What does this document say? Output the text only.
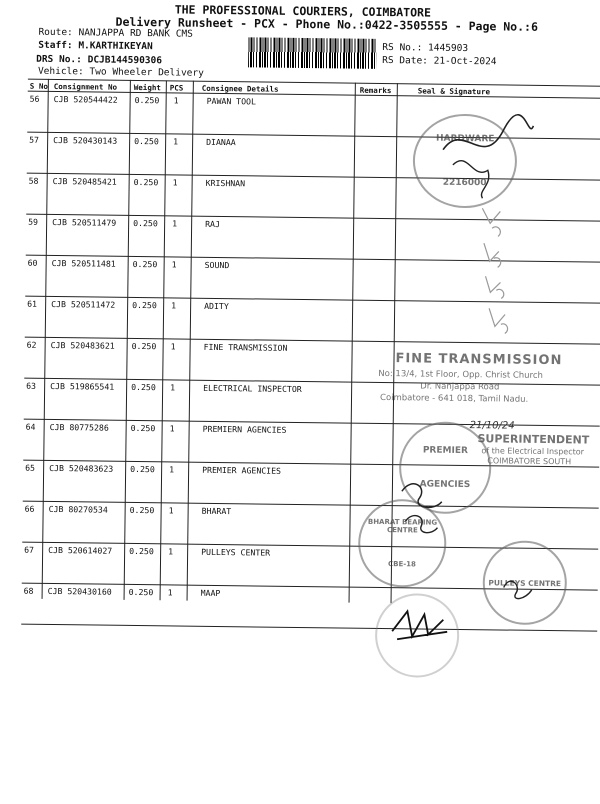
THE PROFESSIONAL COURIERS, COIMBATORE
Delivery Runsheet - PCX - Phone No.:0422-3505555 - Page No.:6
Route: NANJAPPA RD BANK CMS
Staff: M.KARTHIKEYAN
DRS No.: DCJB144590306
Vehicle: Two Wheeler Delivery
RS No.: 1445903
RS Date: 21-Oct-2024
S No Consignment No Weight PCS Consignee Details	Remarks	Seal & Signature
56 CJB 520544422 0.250 1	PAWAN TOOL
57 CJB 520430143 0.250 1	DIANAA
58 CJB 520485421 0.250 1	KRISHNAN
59 CJB 520511479 0.250 1	RAJ
60 CJB 520511481 0.250 1	SOUND
61 CJB 520511472 0.250 1	ADITY
62 CJB 520483621 0.250 1	FINE TRANSMISSION
63 CJB 519865541 0.250 1	ELECTRICAL INSPECTOR
64 CJB 80775286	0.250 1	PREMIERN AGENCIES
65 CJB 520483623 0.250 1	PREMIER AGENCIES
66 CJB 80270534	0.250 1	BHARAT
67 CJB 520614027 0.250 1	PULLEYS CENTER
68 CJB 520430160 0.250 1	MAAP
HARDWARE
2216000
FINE TRANSMISSION
No: 13/4, 1st Floor, Opp. Christ Church
Dr. Nanjappa Road
Coimbatore - 641 018, Tamil Nadu.
21/10/24
PREMIER
AGENCIES
SUPERINTENDENT
of the Electrical Inspector
COIMBATORE SOUTH
BHARAT BEARING CENTRE
CBE-18
PULLEYS CENTRE
